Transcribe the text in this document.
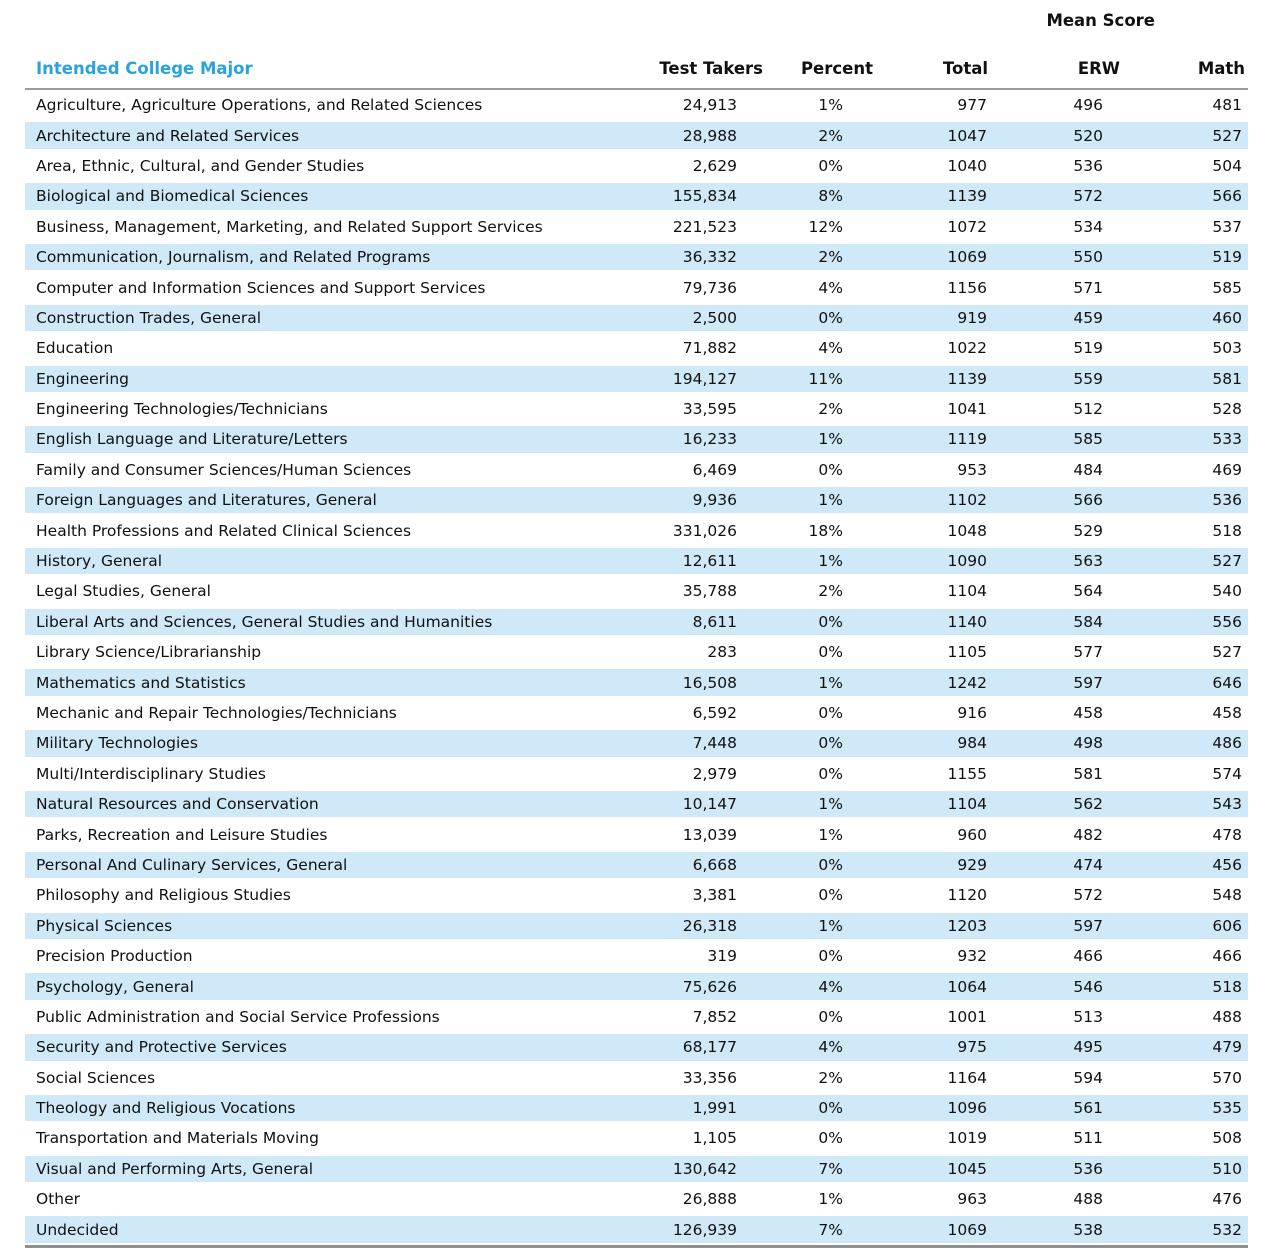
			Mean Score		
Intended College Major	Test Takers	Percent	Total	ERW	Math
Agriculture, Agriculture Operations, and Related Sciences	24,913	1%	977	496	481
Architecture and Related Services	28,988	2%	1047	520	527
Area, Ethnic, Cultural, and Gender Studies	2,629	0%	1040	536	504
Biological and Biomedical Sciences	155,834	8%	1139	572	566
Business, Management, Marketing, and Related Support Services	221,523	12%	1072	534	537
Communication, Journalism, and Related Programs	36,332	2%	1069	550	519
Computer and Information Sciences and Support Services	79,736	4%	1156	571	585
Construction Trades, General	2,500	0%	919	459	460
Education	71,882	4%	1022	519	503
Engineering	194,127	11%	1139	559	581
Engineering Technologies/Technicians	33,595	2%	1041	512	528
English Language and Literature/Letters	16,233	1%	1119	585	533
Family and Consumer Sciences/Human Sciences	6,469	0%	953	484	469
Foreign Languages and Literatures, General	9,936	1%	1102	566	536
Health Professions and Related Clinical Sciences	331,026	18%	1048	529	518
History, General	12,611	1%	1090	563	527
Legal Studies, General	35,788	2%	1104	564	540
Liberal Arts and Sciences, General Studies and Humanities	8,611	0%	1140	584	556
Library Science/Librarianship	283	0%	1105	577	527
Mathematics and Statistics	16,508	1%	1242	597	646
Mechanic and Repair Technologies/Technicians	6,592	0%	916	458	458
Military Technologies	7,448	0%	984	498	486
Multi/Interdisciplinary Studies	2,979	0%	1155	581	574
Natural Resources and Conservation	10,147	1%	1104	562	543
Parks, Recreation and Leisure Studies	13,039	1%	960	482	478
Personal And Culinary Services, General	6,668	0%	929	474	456
Philosophy and Religious Studies	3,381	0%	1120	572	548
Physical Sciences	26,318	1%	1203	597	606
Precision Production	319	0%	932	466	466
Psychology, General	75,626	4%	1064	546	518
Public Administration and Social Service Professions	7,852	0%	1001	513	488
Security and Protective Services	68,177	4%	975	495	479
Social Sciences	33,356	2%	1164	594	570
Theology and Religious Vocations	1,991	0%	1096	561	535
Transportation and Materials Moving	1,105	0%	1019	511	508
Visual and Performing Arts, General	130,642	7%	1045	536	510
Other	26,888	1%	963	488	476
Undecided	126,939	7%	1069	538	532
